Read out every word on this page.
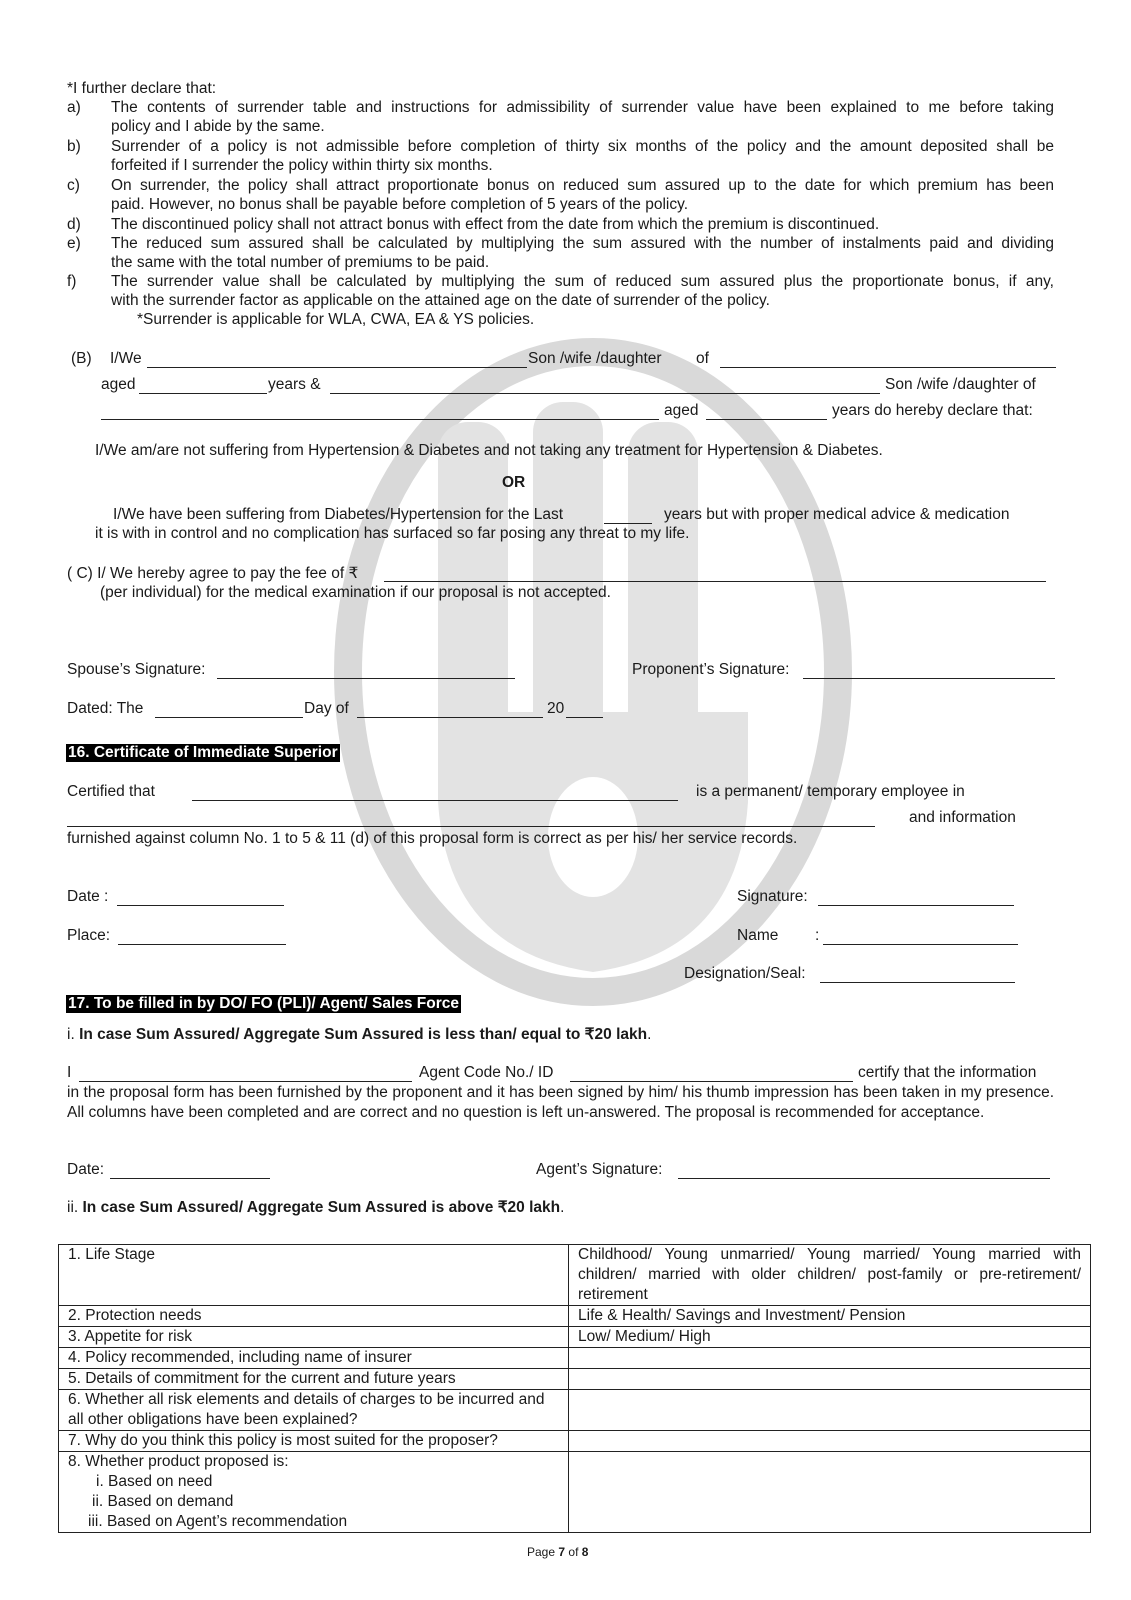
*I further declare that:
a) The contents of surrender table and instructions for admissibility of surrender value have been explained to me before taking
policy and I abide by the same.
b) Surrender of a policy is not admissible before completion of thirty six months of the policy and the amount deposited shall be
forfeited if I surrender the policy within thirty six months.
c) On surrender, the policy shall attract proportionate bonus on reduced sum assured up to the date for which premium has been
paid. However, no bonus shall be payable before completion of 5 years of the policy.
d) The discontinued policy shall not attract bonus with effect from the date from which the premium is discontinued.
e) The reduced sum assured shall be calculated by multiplying the sum assured with the number of instalments paid and dividing
the same with the total number of premiums to be paid.
f) The surrender value shall be calculated by multiplying the sum of reduced sum assured plus the proportionate bonus, if any,
with the surrender factor as applicable on the attained age on the date of surrender of the policy.
*Surrender is applicable for WLA, CWA, EA & YS policies.
(B) I/We	Son /wife /daughter of
aged	years &	Son /wife /daughter of
aged	years do hereby declare that:
I/We am/are not suffering from Hypertension & Diabetes and not taking any treatment for Hypertension & Diabetes.
OR
I/We have been suffering from Diabetes/Hypertension for the Last	years but with proper medical advice & medication
it is with in control and no complication has surfaced so far posing any threat to my life.
( C) I/ We hereby agree to pay the fee of ₹
(per individual) for the medical examination if our proposal is not accepted.
Spouse’s Signature:	Proponent’s Signature:
Dated: The	Day of	20
16. Certificate of Immediate Superior
Certified that	is a permanent/ temporary employee in
and information
furnished against column No. 1 to 5 & 11 (d) of this proposal form is correct as per his/ her service records.
Date :	Signature:
Place:	Name :
Designation/Seal:
17. To be filled in by DO/ FO (PLI)/ Agent/ Sales Force
i. In case Sum Assured/ Aggregate Sum Assured is less than/ equal to ₹20 lakh.
I	Agent Code No./ ID	certify that the information
in the proposal form has been furnished by the proponent and it has been signed by him/ his thumb impression has been taken in my presence. All columns have been completed and are correct and no question is left un-answered. The proposal is recommended for acceptance.
Date:	Agent’s Signature:
ii. In case Sum Assured/ Aggregate Sum Assured is above ₹20 lakh.
1. Life Stage	Childhood/ Young unmarried/ Young married/ Young married with children/ married with older children/ post-family or pre-retirement/ retirement
2. Protection needs	Life & Health/ Savings and Investment/ Pension
3. Appetite for risk	Low/ Medium/ High
4. Policy recommended, including name of insurer	
5. Details of commitment for the current and future years	
6. Whether all risk elements and details of charges to be incurred and all other obligations have been explained?	
7. Why do you think this policy is most suited for the proposer?	

8. Whether product proposed is:
i. Based on need
ii. Based on demand
iii. Based on Agent’s recommendation	

Page 7 of 8
